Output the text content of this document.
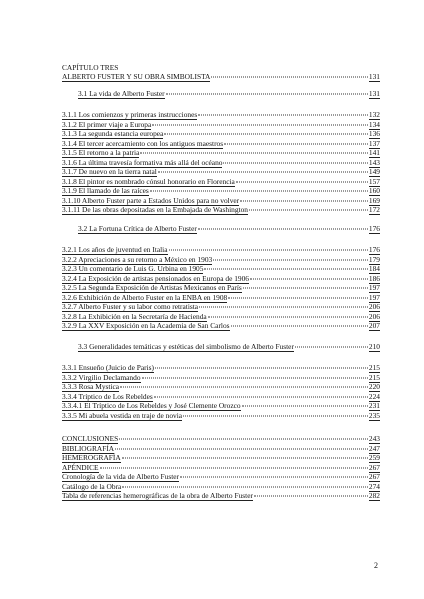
CAPÍTULO TRES
ALBERTO FUSTER Y SU OBRA SIMBOLISTA	131
3.1 La vida de Alberto Fuster	131
3.1.1 Los comienzos y primeras instrucciones	132
3.1.2 El primer viaje a Europa	134
3.1.3 La segunda estancia europea	136
3.1.4 El tercer acercamiento con los antiguos maestros	137
3.1.5 El retorno a la patria	141
3.1.6 La última travesía formativa más allá del océano	143
3.1.7 De nuevo en la tierra natal	149
3.1.8 El pintor es nombrado cónsul honorario en Florencia	157
3.1.9 El llamado de las raíces	160
3.1.10 Alberto Fuster parte a Estados Unidos para no volver	169
3.1.11 De las obras depositadas en la Embajada de Washington	172
3.2 La Fortuna Crítica de Alberto Fuster	176
3.2.1 Los años de juventud en Italia	176
3.2.2 Apreciaciones a su retorno a México en 1903	179
3.2.3 Un comentario de Luis G. Urbina en 1905	184
3.2.4 La Exposición de artistas pensionados en Europa de 1906	186
3.2.5 La Segunda Exposición de Artistas Mexicanos en París	197
3.2.6 Exhibición de Alberto Fuster en la ENBA en 1908	197
3.2.7 Alberto Fuster y su labor como retratista	206
3.2.8 La Exhibición en la Secretaría de Hacienda	206
3.2.9 La XXV Exposición en la Academia de San Carlos	207
3.3 Generalidades temáticas y estéticas del simbolismo de Alberto Fuster	210
3.3.1 Ensueño (Juicio de Paris)	215
3.3.2 Virgilio Declamando	215
3.3.3 Rosa Mystica	220
3.3.4 Tríptico de Los Rebeldes	224
3.3.4.1 El Tríptico de Los Rebeldes y José Clemente Orozco	231
3.3.5 Mi abuela vestida en traje de novia	235
CONCLUSIONES	243
BIBLIOGRAFÍA	247
HEMEROGRAFÍA	259
APÉNDICE	267
Cronología de la vida de Alberto Fuster	267
Catálogo de la Obra	274
Tabla de referencias hemerográficas de la obra de Alberto Fuster	282
2
